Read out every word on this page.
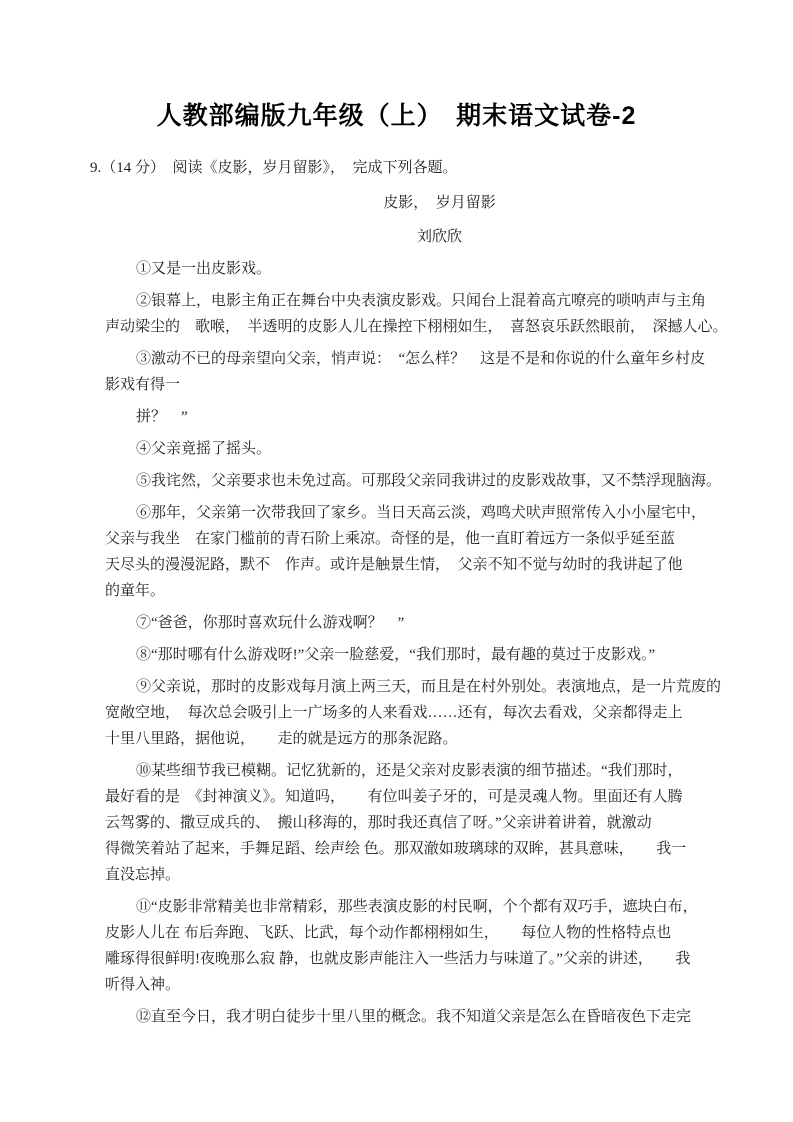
人教部编版九年级（上）　期末语文试卷-2
9.（14 分）　阅读《皮影，岁月留影》，　完成下列各题。
皮影，　岁月留影
刘欣欣
①又是一出皮影戏。
②银幕上，电影主角正在舞台中央表演皮影戏。只闻台上混着高亢嘹亮的唢呐声与主角
声动梁尘的　歌喉，　半透明的皮影人儿在操控下栩栩如生，　喜怒哀乐跃然眼前，　深撼人心。
③激动不已的母亲望向父亲，悄声说：　“怎么样？　这是不是和你说的什么童年乡村皮
影戏有得一
拼？　”
④父亲竟摇了摇头。
⑤我诧然，父亲要求也未免过高。可那段父亲同我讲过的皮影戏故事，又不禁浮现脑海。
⑥那年，父亲第一次带我回了家乡。当日天高云淡，鸡鸣犬吠声照常传入小小屋宅中，
父亲与我坐　在家门槛前的青石阶上乘凉。奇怪的是，他一直盯着远方一条似乎延至蓝
天尽头的漫漫泥路，默不　作声。或许是触景生情，　父亲不知不觉与幼时的我讲起了他
的童年。
⑦“爸爸，你那时喜欢玩什么游戏啊？　”
⑧“那时哪有什么游戏呀!”父亲一脸慈爱，“我们那时，最有趣的莫过于皮影戏。”
⑨父亲说，那时的皮影戏每月演上两三天，而且是在村外别处。表演地点，是一片荒废的
宽敞空地，　每次总会吸引上一广场多的人来看戏……还有，每次去看戏，父亲都得走上
十里八里路，据他说，　　走的就是远方的那条泥路。
⑩某些细节我已模糊。记忆犹新的，还是父亲对皮影表演的细节描述。“我们那时，
最好看的是　《封神演义》。知道吗，　　有位叫姜子牙的，可是灵魂人物。里面还有人腾
云驾雾的、撒豆成兵的、　搬山移海的，那时我还真信了呀。”父亲讲着讲着，就激动
得微笑着站了起来，手舞足蹈、绘声绘 色。那双澈如玻璃球的双眸，甚具意味，　　我一
直没忘掉。
⑪“皮影非常精美也非常精彩，那些表演皮影的村民啊，个个都有双巧手，遮块白布，
皮影人儿在 布后奔跑、飞跃、比武，每个动作都栩栩如生，　　每位人物的性格特点也
雕琢得很鲜明!夜晚那么寂 静，也就皮影声能注入一些活力与味道了。”父亲的讲述，　　我
听得入神。
⑫直至今日，我才明白徒步十里八里的概念。我不知道父亲是怎么在昏暗夜色下走完
